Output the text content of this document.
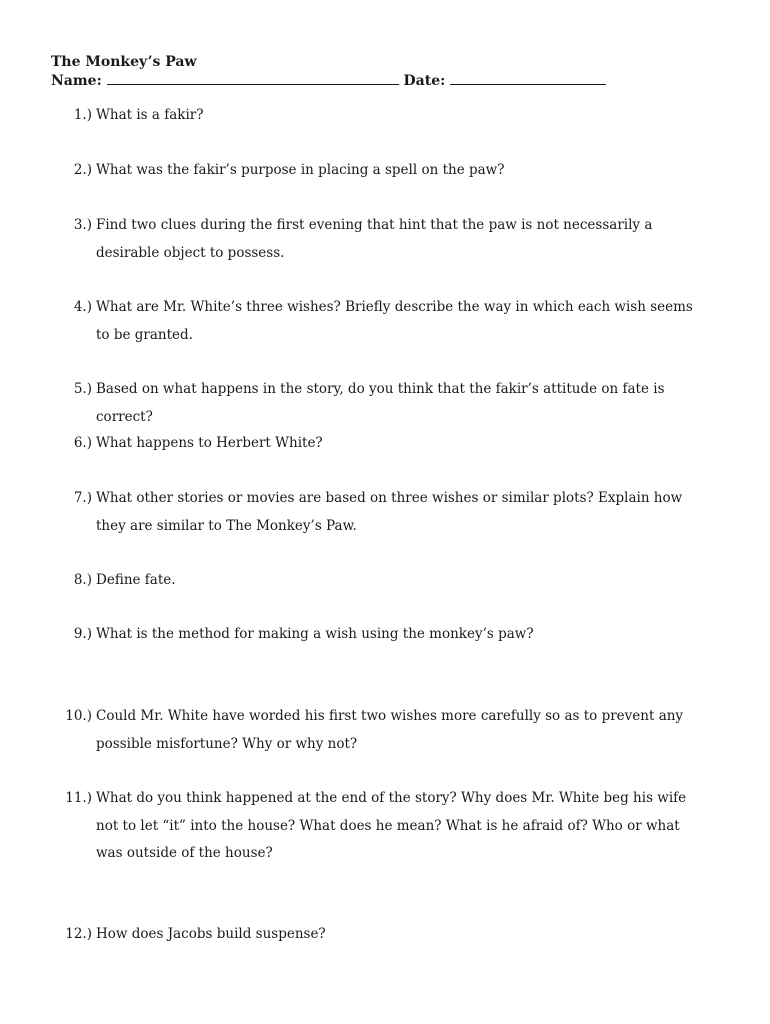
The Monkey’s Paw
Name:	Date:
1.) What is a fakir?
2.) What was the fakir’s purpose in placing a spell on the paw?
3.) Find two clues during the first evening that hint that the paw is not necessarily a desirable object to possess.
4.) What are Mr. White’s three wishes? Briefly describe the way in which each wish seems to be granted.
5.) Based on what happens in the story, do you think that the fakir’s attitude on fate is correct?
6.) What happens to Herbert White?
7.) What other stories or movies are based on three wishes or similar plots? Explain how they are similar to The Monkey’s Paw.
8.) Define fate.
9.) What is the method for making a wish using the monkey’s paw?
10.) Could Mr. White have worded his first two wishes more carefully so as to prevent any possible misfortune? Why or why not?
11.) What do you think happened at the end of the story? Why does Mr. White beg his wife not to let “it” into the house? What does he mean? What is he afraid of? Who or what was outside of the house?
12.) How does Jacobs build suspense?
